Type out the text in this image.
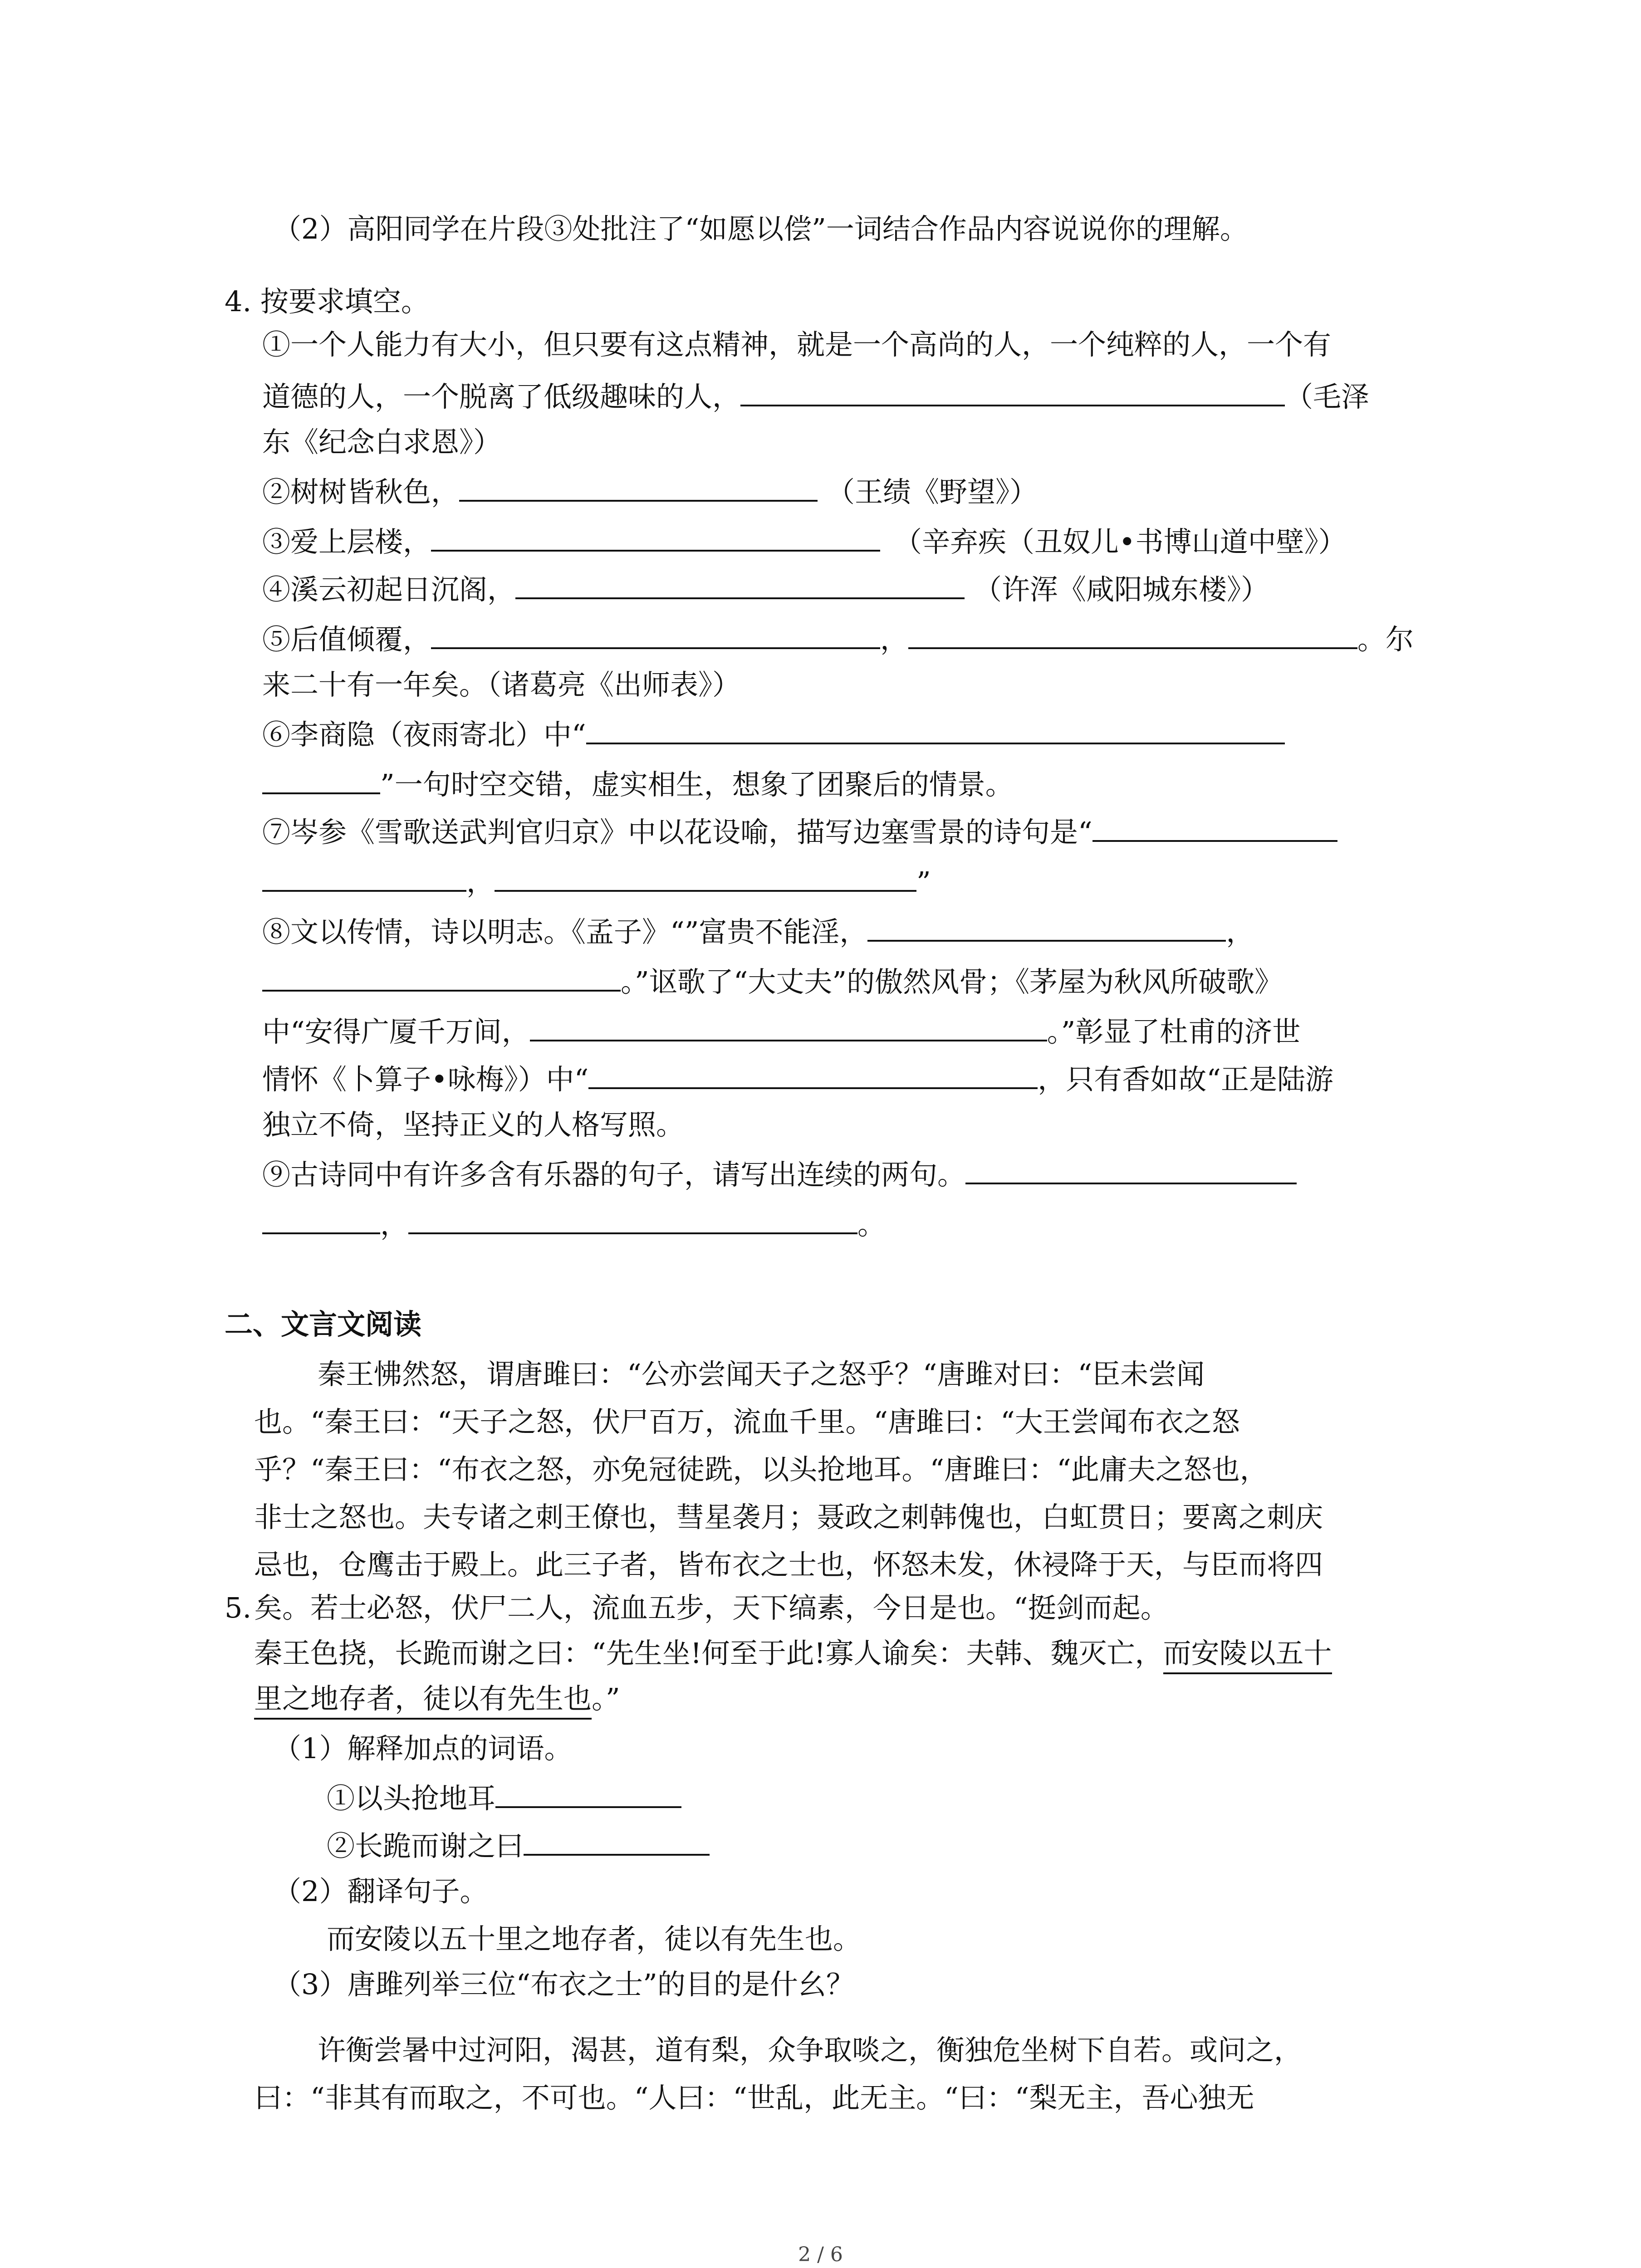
（2）高阳同学在片段③处批注了“如愿以偿”一词结合作品内容说说你的理解。
4. 按要求填空。
①一个人能力有大小，但只要有这点精神，就是一个高尚的人，一个纯粹的人，一个有
道德的人，一个脱离了低级趣味的人，	（毛泽
东《纪念白求恩》）
②树树皆秋色，	（王绩《野望》）
③爱上层楼，	（辛弃疾（丑奴儿•书博山道中壁》）
④溪云初起日沉阁，	（许浑《咸阳城东楼》）
⑤后值倾覆，	，	。尔
来二十有一年矣。（诸葛亮《出师表》）
⑥李商隐（夜雨寄北）中“
”一句时空交错，虚实相生，想象了团聚后的情景。
⑦岑参《雪歌送武判官归京》中以花设喻，描写边塞雪景的诗句是“
，	”
⑧文以传情，诗以明志。《孟子》“”富贵不能淫，	，
。”讴歌了“大丈夫”的傲然风骨；《茅屋为秋风所破歌》
中“安得广厦千万间，	。”彰显了杜甫的济世
情怀《卜算子•咏梅》）中“	，只有香如故“正是陆游
独立不倚，坚持正义的人格写照。
⑨古诗同中有许多含有乐器的句子，请写出连续的两句。
，	。
二、文言文阅读
秦王怫然怒，谓唐雎曰：“公亦尝闻天子之怒乎？“唐雎对曰：“臣未尝闻
也。“秦王曰：“天子之怒，伏尸百万，流血千里。“唐雎曰：“大王尝闻布衣之怒
乎？“秦王曰：“布衣之怒，亦免冠徒跣，以头抢地耳。“唐雎曰：“此庸夫之怒也，
非士之怒也。夫专诸之刺王僚也，彗星袭月；聂政之刺韩傀也，白虹贯日；要离之刺庆
忌也，仓鹰击于殿上。此三子者，皆布衣之士也，怀怒未发，休祲降于天，与臣而将四
5. 矣。若士必怒，伏尸二人，流血五步，天下缟素，今日是也。“挺剑而起。
秦王色挠，长跪而谢之曰：“先生坐!何至于此!寡人谕矣：夫韩、魏灭亡，而安陵以五十
里之地存者，徒以有先生也。”
（1）解释加点的词语。
①以头抢地耳
②长跪而谢之曰
（2）翻译句子。
而安陵以五十里之地存者，徒以有先生也。
（3）唐雎列举三位“布衣之士”的目的是什幺？
许衡尝暑中过河阳，渴甚，道有梨，众争取啖之，衡独危坐树下自若。或问之，
曰：“非其有而取之，不可也。“人曰：“世乱，此无主。“曰：“梨无主，吾心独无
2 / 6
